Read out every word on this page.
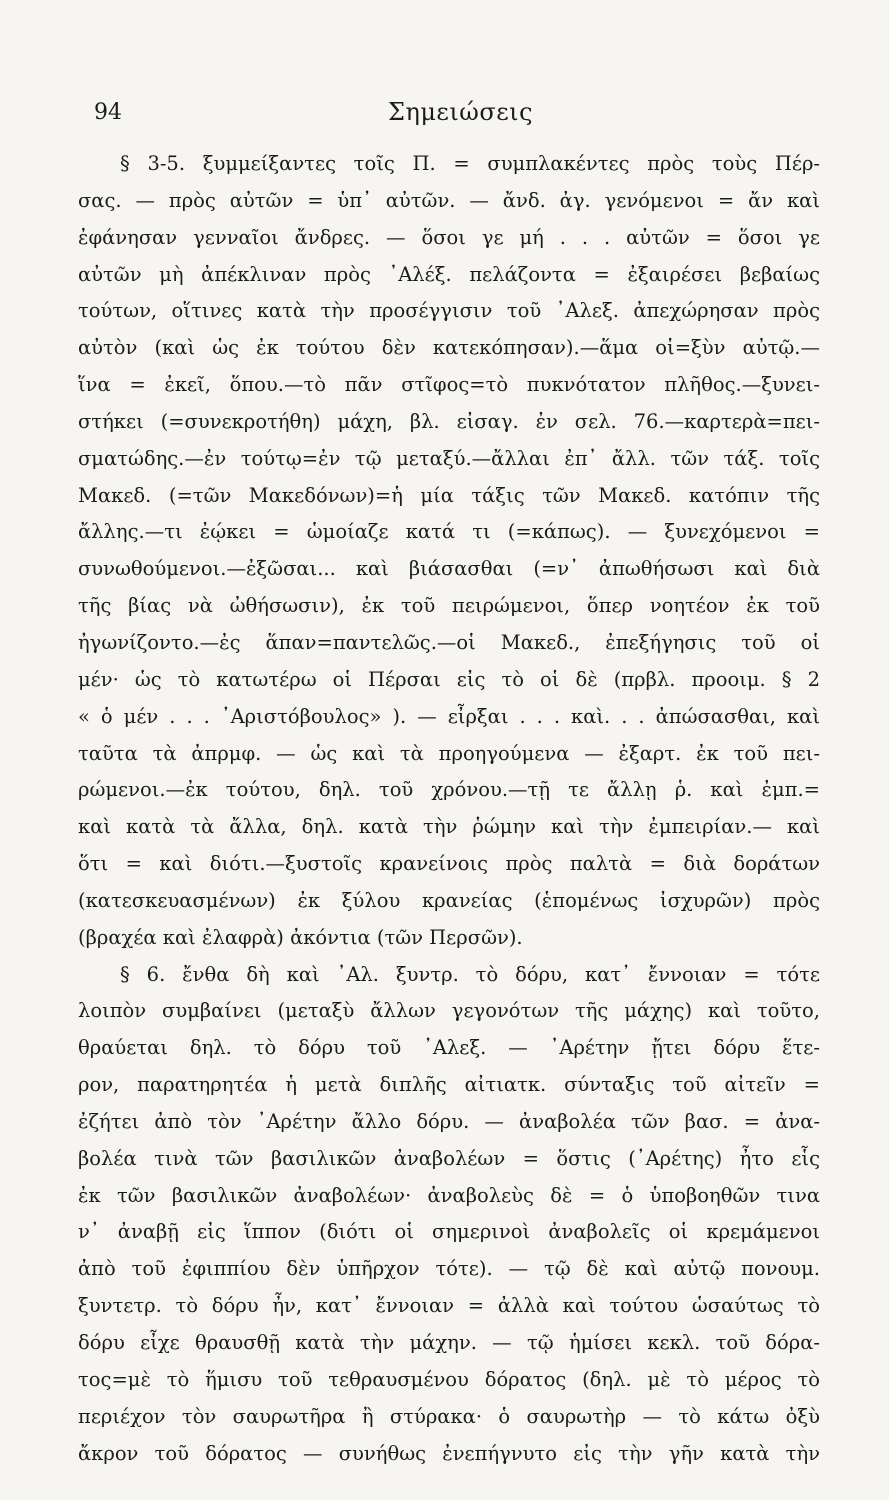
94	Σημειώσεις
§ 3-5. ξυμμείξαντες τοῖς Π. = συμπλακέντες πρὸς τοὺς Πέρ-
σας. — πρὸς αὐτῶν = ὑπ᾿ αὐτῶν. — ἄνδ. ἀγ. γενόμενοι = ἄν καὶ
ἐφάνησαν γενναῖοι ἄνδρες. — ὅσοι γε μή . . . αὐτῶν = ὅσοι γε
αὐτῶν μὴ ἀπέκλιναν πρὸς ᾽Αλέξ. πελάζοντα = ἐξαιρέσει βεβαίως
τούτων, οἵτινες κατὰ τὴν προσέγγισιν τοῦ ᾽Αλεξ. ἀπεχώρησαν πρὸς
αὐτὸν (καὶ ὡς ἐκ τούτου δὲν κατεκόπησαν).—ἅμα οἱ=ξὺν αὐτῷ.—
ἵνα = ἐκεῖ, ὅπου.—τὸ πᾶν στῖφος=τὸ πυκνότατον πλῆθος.—ξυνει-
στήκει (=συνεκροτήθη) μάχη, βλ. εἰσαγ. ἐν σελ. 76.—καρτερὰ=πει-
σματώδης.—ἐν τούτῳ=ἐν τῷ μεταξύ.—ἄλλαι ἐπ᾿ ἄλλ. τῶν τάξ. τοῖς
Μακεδ. (=τῶν Μακεδόνων)=ἡ μία τάξις τῶν Μακεδ. κατόπιν τῆς
ἄλλης.—τι ἐῴκει = ὡμοίαζε κατά τι (=κάπως). — ξυνεχόμενοι =
συνωθούμενοι.—ἐξῶσαι... καὶ βιάσασθαι (=ν᾿ ἀπωθήσωσι καὶ διὰ
τῆς βίας νὰ ὠθήσωσιν), ἐκ τοῦ πειρώμενοι, ὅπερ νοητέον ἐκ τοῦ
ἠγωνίζοντο.—ἐς ἅπαν=παντελῶς.—οἱ Μακεδ., ἐπεξήγησις τοῦ οἱ
μέν· ὡς τὸ κατωτέρω οἱ Πέρσαι εἰς τὸ οἱ δὲ (πρβλ. προοιμ. § 2
« ὁ μέν . . . ᾽Αριστόβουλος» ). — εἶρξαι . . . καὶ. . . ἀπώσασθαι, καὶ
ταῦτα τὰ ἀπρμφ. — ὡς καὶ τὰ προηγούμενα — ἐξαρτ. ἐκ τοῦ πει-
ρώμενοι.—ἐκ τούτου, δηλ. τοῦ χρόνου.—τῇ τε ἄλλῃ ῥ. καὶ ἐμπ.=
καὶ κατὰ τὰ ἄλλα, δηλ. κατὰ τὴν ῥώμην καὶ τὴν ἐμπειρίαν.— καὶ
ὅτι = καὶ διότι.—ξυστοῖς κρανείνοις πρὸς παλτὰ = διὰ δοράτων
(κατεσκευασμένων) ἐκ ξύλου κρανείας (ἑπομένως ἰσχυρῶν) πρὸς
(βραχέα καὶ ἐλαφρὰ) ἀκόντια (τῶν Περσῶν).
§ 6. ἔνθα δὴ καὶ ᾽Αλ. ξυντρ. τὸ δόρυ, κατ᾿ ἔννοιαν = τότε
λοιπὸν συμβαίνει (μεταξὺ ἄλλων γεγονότων τῆς μάχης) καὶ τοῦτο,
θραύεται δηλ. τὸ δόρυ τοῦ ᾽Αλεξ. — ᾽Αρέτην ᾔτει δόρυ ἕτε-
ρον, παρατηρητέα ἡ μετὰ διπλῆς αἰτιατκ. σύνταξις τοῦ αἰτεῖν =
ἐζήτει ἀπὸ τὸν ᾽Αρέτην ἄλλο δόρυ. — ἀναβολέα τῶν βασ. = ἀνα-
βολέα τινὰ τῶν βασιλικῶν ἀναβολέων = ὅστις (᾽Αρέτης) ἦτο εἷς
ἐκ τῶν βασιλικῶν ἀναβολέων· ἀναβολεὺς δὲ = ὁ ὑποβοηθῶν τινα
ν᾿ ἀναβῇ εἰς ἵππον (διότι οἱ σημερινοὶ ἀναβολεῖς οἱ κρεμάμενοι
ἀπὸ τοῦ ἐφιππίου δὲν ὑπῆρχον τότε). — τῷ δὲ καὶ αὐτῷ πονουμ.
ξυντετρ. τὸ δόρυ ἦν, κατ᾿ ἔννοιαν = ἀλλὰ καὶ τούτου ὡσαύτως τὸ
δόρυ εἶχε θραυσθῇ κατὰ τὴν μάχην. — τῷ ἡμίσει κεκλ. τοῦ δόρα-
τος=μὲ τὸ ἥμισυ τοῦ τεθραυσμένου δόρατος (δηλ. μὲ τὸ μέρος τὸ
περιέχον τὸν σαυρωτῆρα ἢ στύρακα· ὁ σαυρωτὴρ — τὸ κάτω ὀξὺ
ἄκρον τοῦ δόρατος — συνήθως ἐνεπήγνυτο εἰς τὴν γῆν κατὰ τὴν
